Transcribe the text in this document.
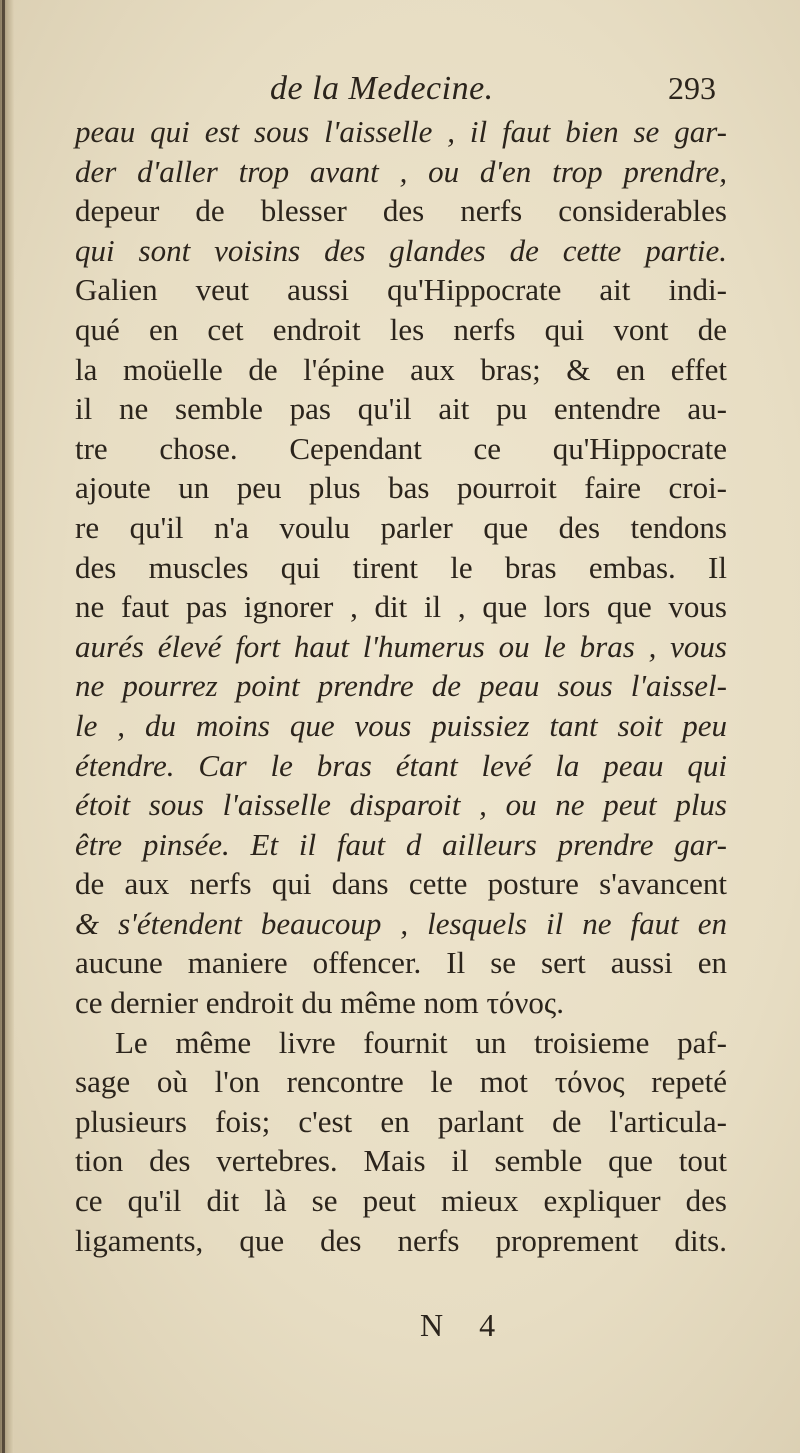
de la Medecine.	293
peau qui est sous l'aisselle , il faut bien se gar-
der d'aller trop avant , ou d'en trop prendre,
depeur de blesser des nerfs considerables
qui sont voisins des glandes de cette partie.
Galien veut aussi qu'Hippocrate ait indi-
qué en cet endroit les nerfs qui vont de
la moüelle de l'épine aux bras; & en effet
il ne semble pas qu'il ait pu entendre au-
tre chose. Cependant ce qu'Hippocrate
ajoute un peu plus bas pourroit faire croi-
re qu'il n'a voulu parler que des tendons
des muscles qui tirent le bras embas. Il
ne faut pas ignorer , dit il , que lors que vous
aurés élevé fort haut l'humerus ou le bras , vous
ne pourrez point prendre de peau sous l'aissel-
le , du moins que vous puissiez tant soit peu
étendre. Car le bras étant levé la peau qui
étoit sous l'aisselle disparoit , ou ne peut plus
être pinsée. Et il faut d ailleurs prendre gar-
de aux nerfs qui dans cette posture s'avancent
& s'étendent beaucoup , lesquels il ne faut en
aucune maniere offencer. Il se sert aussi en
ce dernier endroit du même nom τόνος.
Le même livre fournit un troisieme paf-
sage où l'on rencontre le mot τόνος repeté
plusieurs fois; c'est en parlant de l'articula-
tion des vertebres. Mais il semble que tout
ce qu'il dit là se peut mieux expliquer des
ligaments, que des nerfs proprement dits.
N 4
